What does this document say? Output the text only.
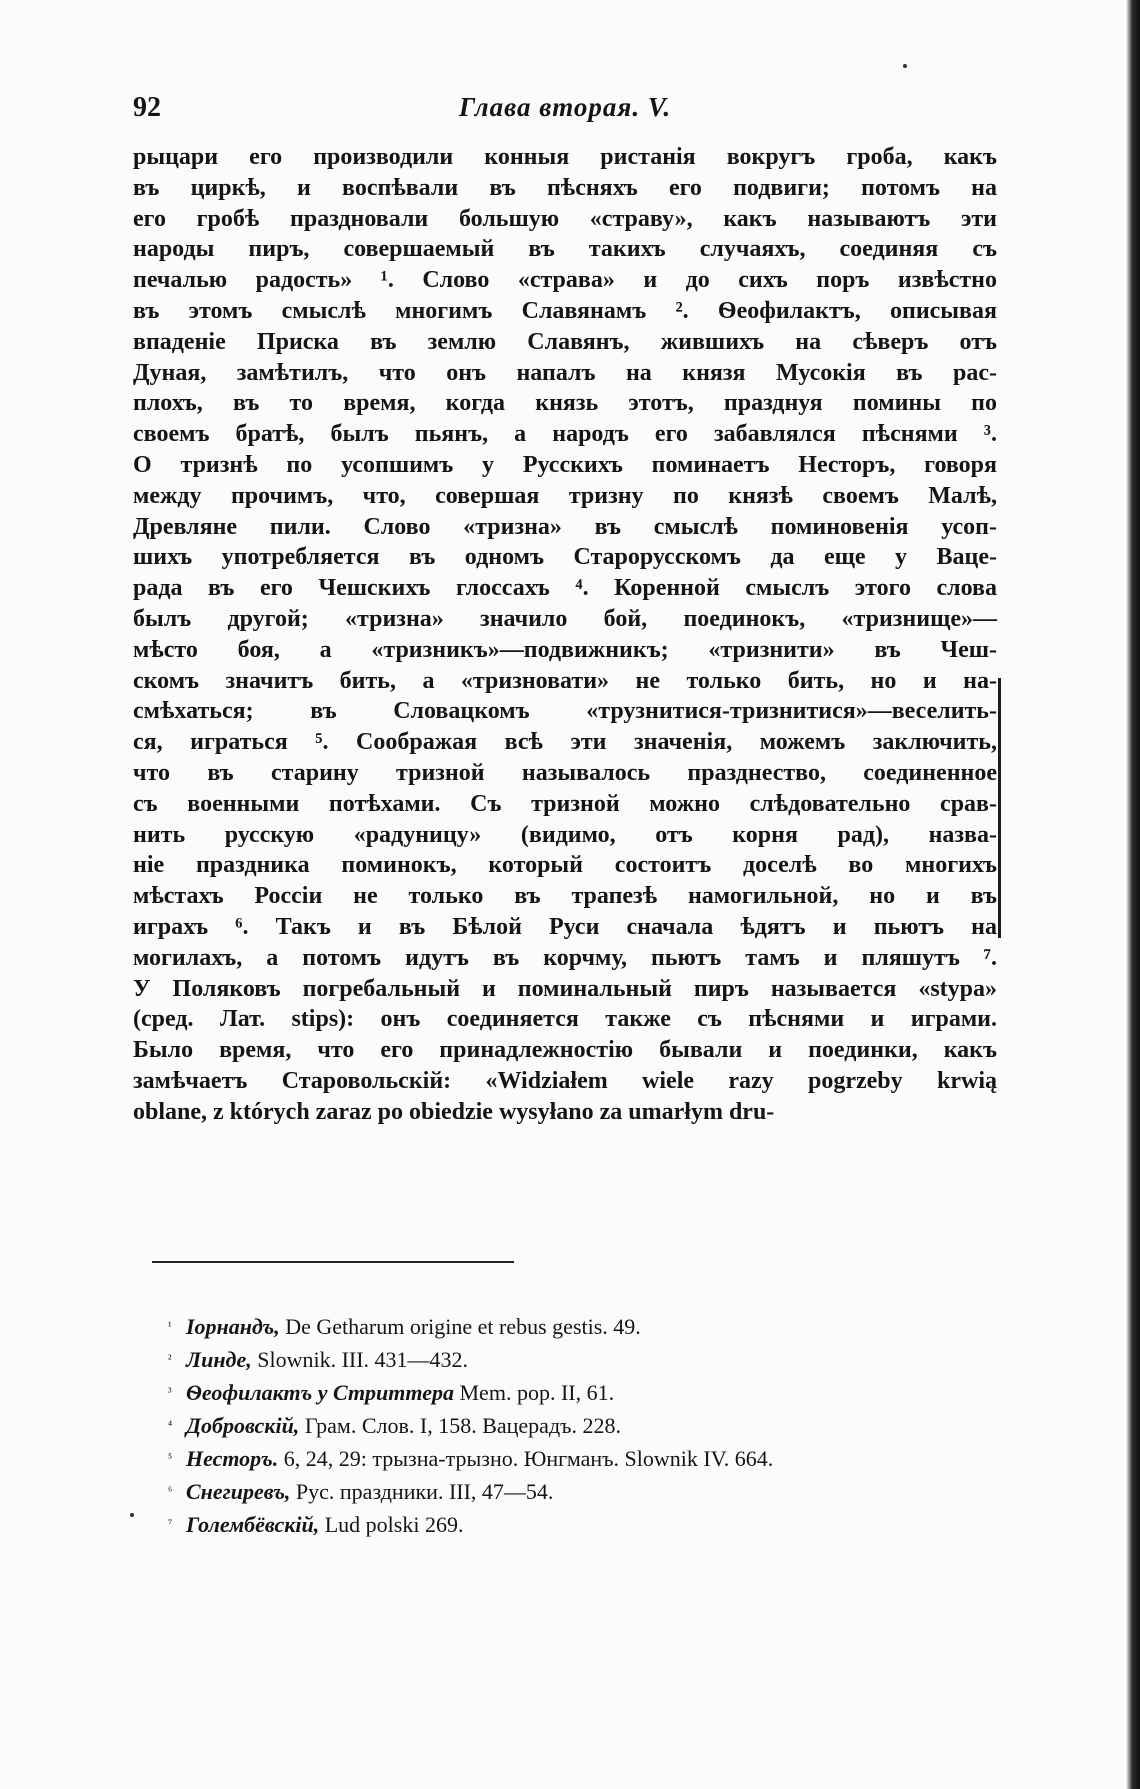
92	Глава вторая. V.
рыцари его производили конныя ристанія вокругъ гроба, какъ
въ циркѣ, и воспѣвали въ пѣсняхъ его подвиги; потомъ на
его гробѣ праздновали большую «страву», какъ называютъ эти
народы пиръ, совершаемый въ такихъ случаяхъ, соединяя съ
печалью радость» ¹. Слово «страва» и до сихъ поръ извѣстно
въ этомъ смыслѣ многимъ Славянамъ ². Ѳеофилактъ, описывая
впаденіе Приска въ землю Славянъ, жившихъ на сѣверъ отъ
Дуная, замѣтилъ, что онъ напалъ на князя Мусокія въ рас-
плохъ, въ то время, когда князь этотъ, празднуя помины по
своемъ братѣ, былъ пьянъ, а народъ его забавлялся пѣснями ³.
О тризнѣ по усопшимъ у Русскихъ поминаетъ Несторъ, говоря
между прочимъ, что, совершая тризну по князѣ своемъ Малѣ,
Древляне пили. Слово «тризна» въ смыслѣ поминовенія усоп-
шихъ употребляется въ одномъ Старорусскомъ да еще у Вацe-
рада въ его Чешскихъ глоссахъ ⁴. Коренной смыслъ этого слова
былъ другой; «тризна» значило бой, поединокъ, «тризнище»—
мѣсто боя, а «тризникъ»—подвижникъ; «тризнити» въ Чеш-
скомъ значитъ бить, а «тризновати» не только бить, но и на-
смѣхаться; въ Словацкомъ «трузнитися-тризнитися»—веселить-
ся, играться ⁵. Соображая всѣ эти значенія, можемъ заключить,
что въ старину тризной называлось празднество, соединенное
съ военными потѣхами. Съ тризной можно слѣдовательно срав-
нить русскую «радуницу» (видимо, отъ корня рад), назва-
ніе праздника поминокъ, который состоитъ доселѣ во многихъ
мѣстахъ Россіи не только въ трапезѣ намогильной, но и въ
играхъ ⁶. Такъ и въ Бѣлой Руси сначала ѣдятъ и пьютъ на
могилахъ, а потомъ идутъ въ корчму, пьютъ тамъ и пляшутъ ⁷.
У Поляковъ погребальный и поминальный пиръ называется «stypa»
(сред. Лат. stips): онъ соединяется также съ пѣснями и играми.
Было время, что его принадлежностію бывали и поединки, какъ
замѣчаетъ Старовольскій: «Widziałem wiele razy pogrzeby krwią
oblane, z których zaraz po obiedzie wysyłano za umarłym dru-
¹ Іорнандъ, De Getharum origine et rebus gestis. 49.
² Линде, Slownik. III. 431—432.
³ Ѳеофилактъ у Стриттера Mem. pop. II, 61.
⁴ Добровскій, Грам. Слов. I, 158. Вацерадъ. 228.
⁵ Несторъ. 6, 24, 29: трызна-трызно. Юнгманъ. Slownik IV. 664.
⁶ Снегиревъ, Рус. праздники. III, 47—54.
⁷ Голембёвскій, Lud polski 269.
